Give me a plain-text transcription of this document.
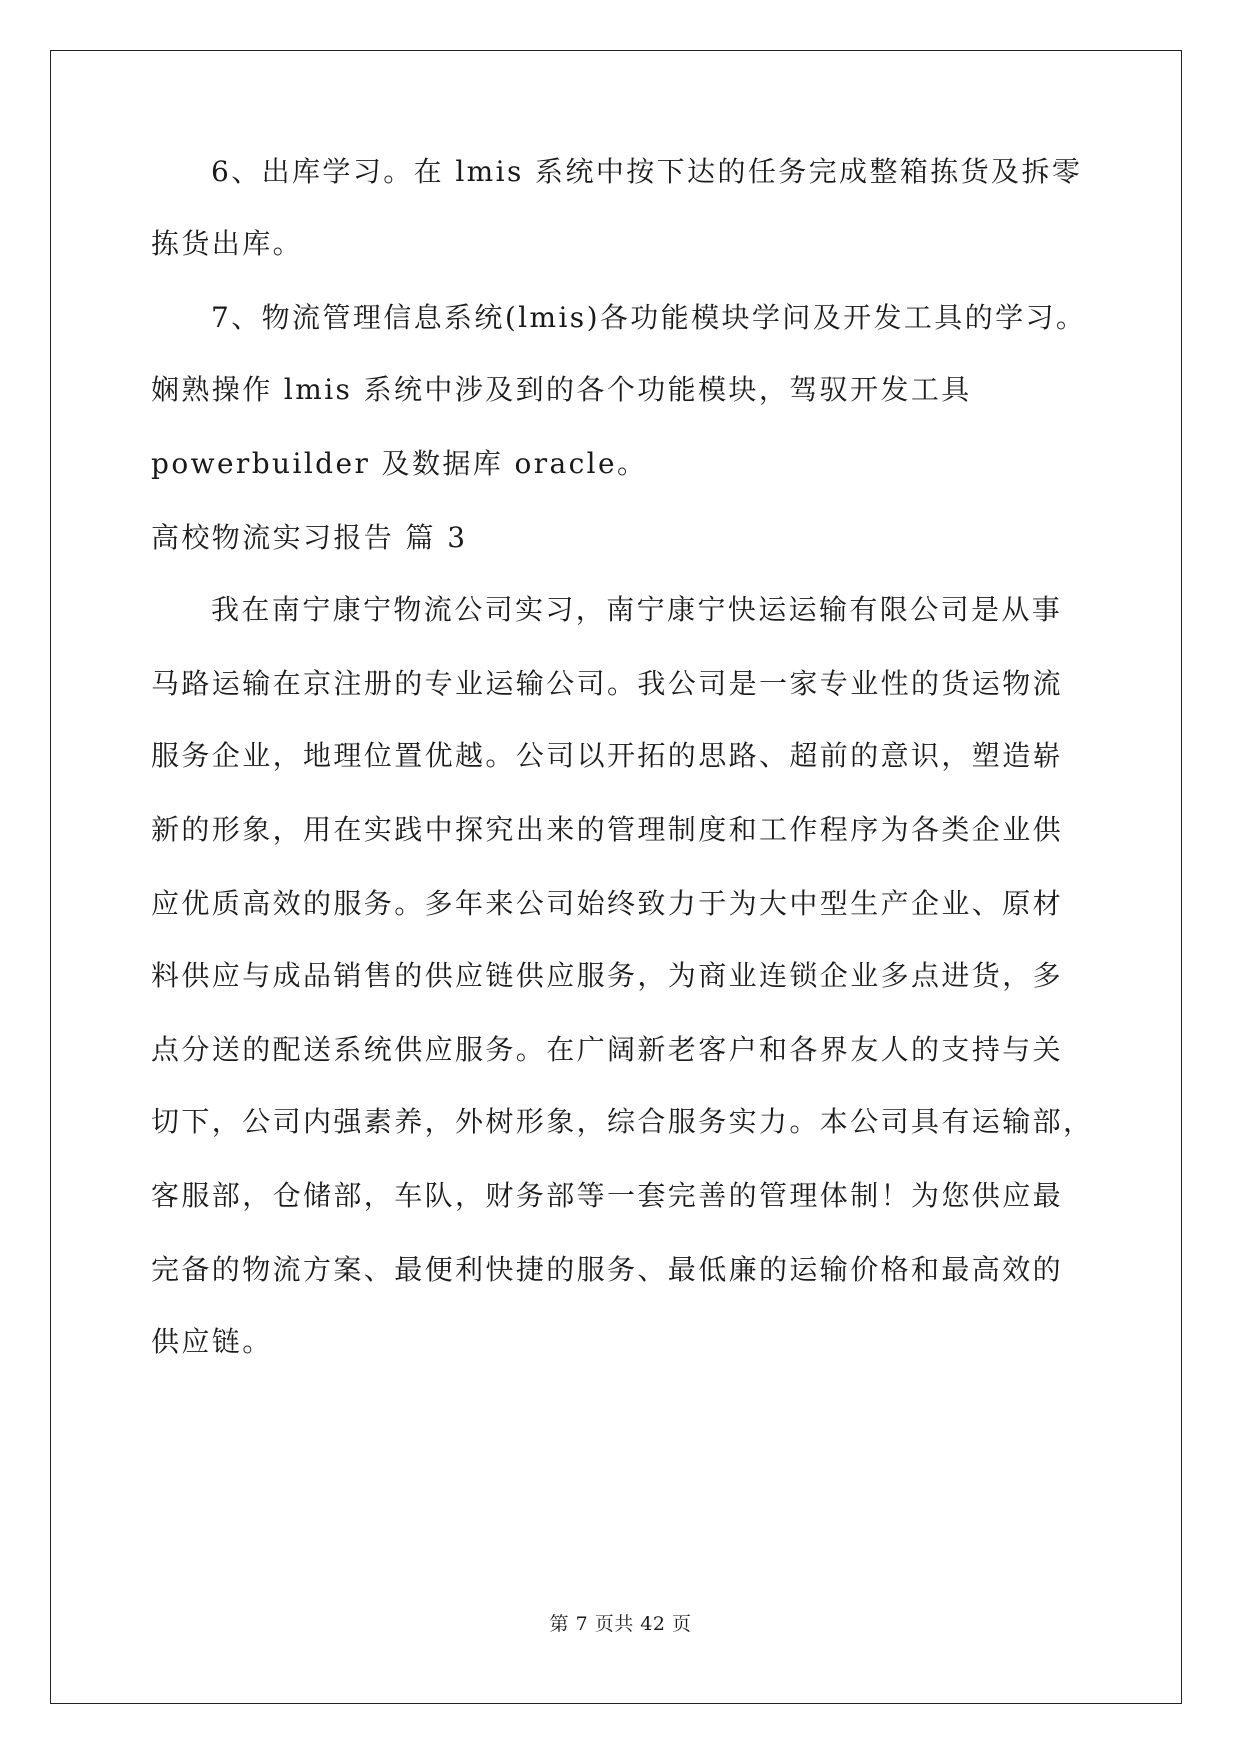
6、出库学习。在 lmis 系统中按下达的任务完成整箱拣货及拆零
拣货出库。
7、物流管理信息系统(lmis)各功能模块学问及开发工具的学习。
娴熟操作 lmis 系统中涉及到的各个功能模块，驾驭开发工具
powerbuilder 及数据库 oracle。
高校物流实习报告 篇 3
我在南宁康宁物流公司实习，南宁康宁快运运输有限公司是从事
马路运输在京注册的专业运输公司。我公司是一家专业性的货运物流
服务企业，地理位置优越。公司以开拓的思路、超前的意识，塑造崭
新的形象，用在实践中探究出来的管理制度和工作程序为各类企业供
应优质高效的服务。多年来公司始终致力于为大中型生产企业、原材
料供应与成品销售的供应链供应服务，为商业连锁企业多点进货，多
点分送的配送系统供应服务。在广阔新老客户和各界友人的支持与关
切下，公司内强素养，外树形象，综合服务实力。本公司具有运输部，
客服部，仓储部，车队，财务部等一套完善的管理体制！为您供应最
完备的物流方案、最便利快捷的服务、最低廉的运输价格和最高效的
供应链。
第 7 页共 42 页
